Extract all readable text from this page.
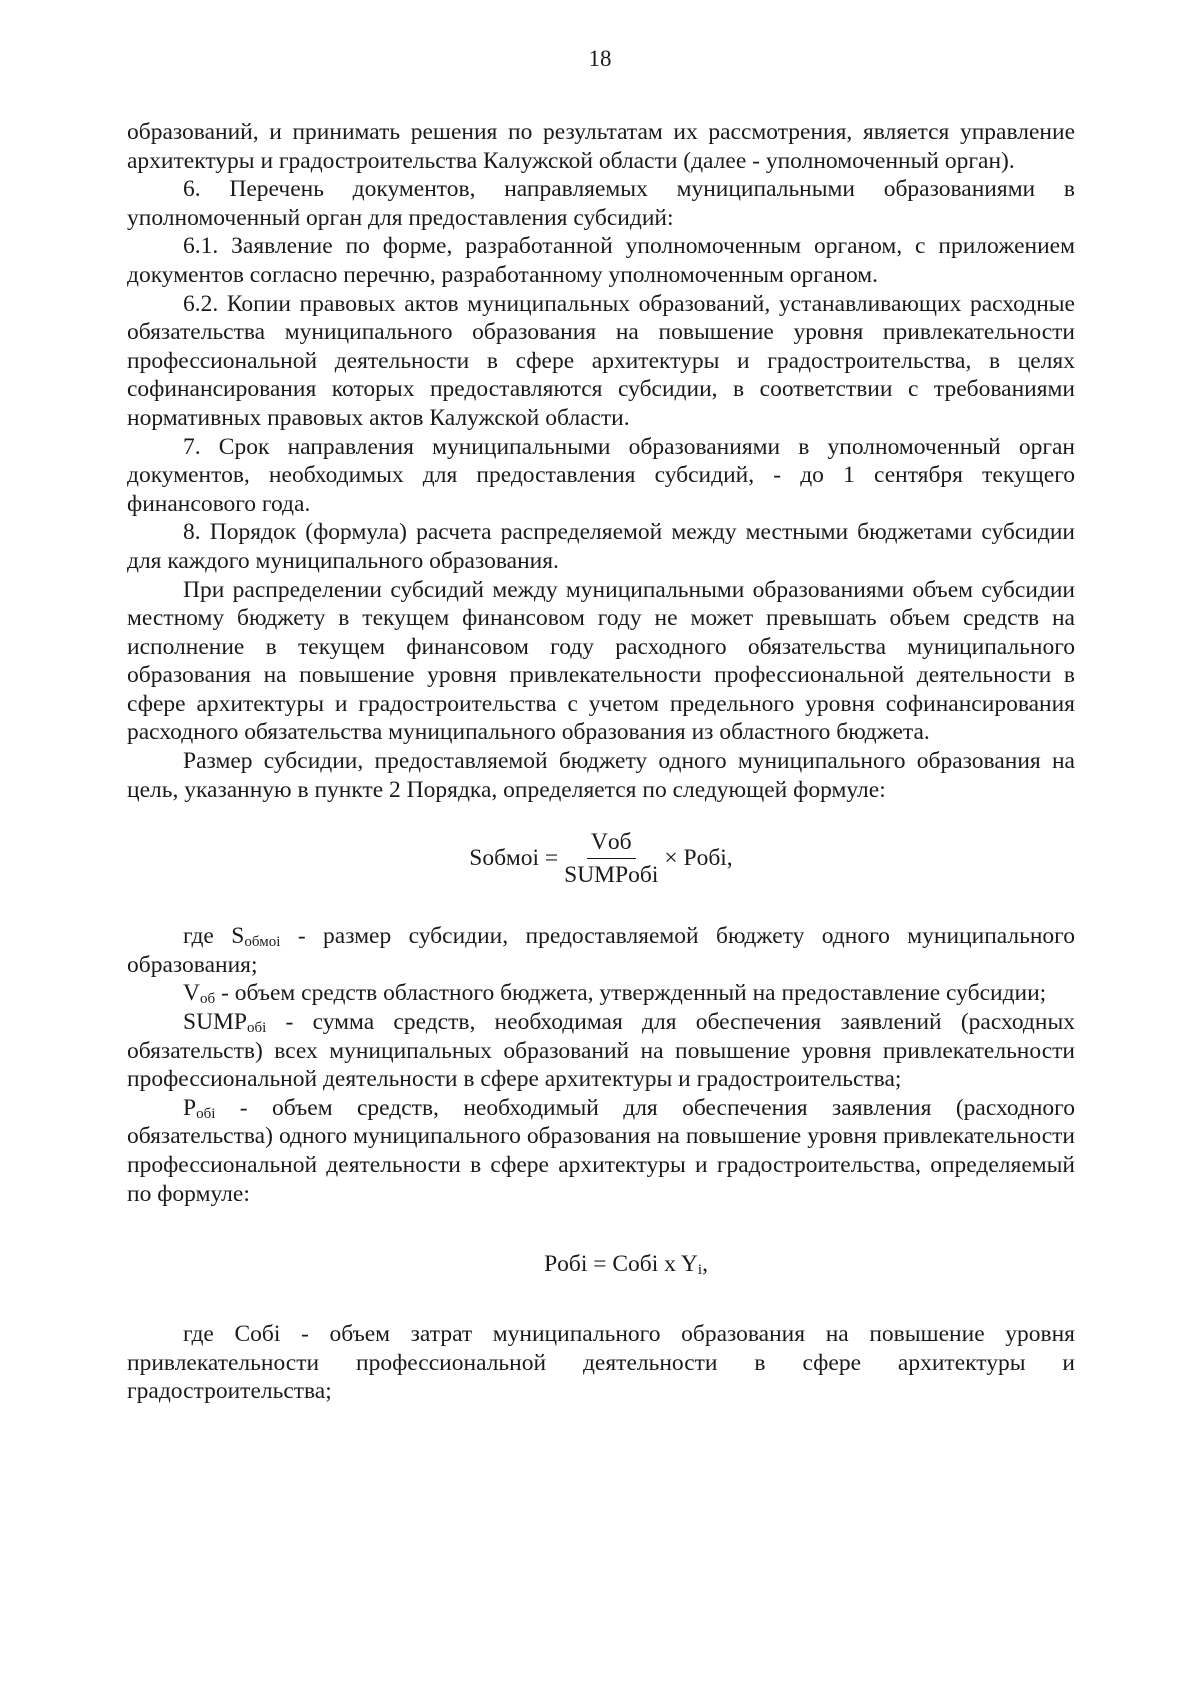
18

образований, и принимать решения по результатам их рассмотрения, является управление архитектуры и градостроительства Калужской области (далее - уполномоченный орган).

6. Перечень документов, направляемых муниципальными образованиями в уполномоченный орган для предоставления субсидий:

6.1. Заявление по форме, разработанной уполномоченным органом, с приложением документов согласно перечню, разработанному уполномоченным органом.

6.2. Копии правовых актов муниципальных образований, устанавливающих расходные обязательства муниципального образования на повышение уровня привлекательности профессиональной деятельности в сфере архитектуры и градостроительства, в целях софинансирования которых предоставляются субсидии, в соответствии с требованиями нормативных правовых актов Калужской области.

7. Срок направления муниципальными образованиями в уполномоченный орган документов, необходимых для предоставления субсидий, - до 1 сентября текущего финансового года.

8. Порядок (формула) расчета распределяемой между местными бюджетами субсидии для каждого муниципального образования.

При распределении субсидий между муниципальными образованиями объем субсидии местному бюджету в текущем финансовом году не может превышать объем средств на исполнение в текущем финансовом году расходного обязательства муниципального образования на повышение уровня привлекательности профессиональной деятельности в сфере архитектуры и градостроительства с учетом предельного уровня софинансирования расходного обязательства муниципального образования из областного бюджета.

Размер субсидии, предоставляемой бюджету одного муниципального образования на цель, указанную в пункте 2 Порядка, определяется по следующей формуле:

Sобмоi = $\frac{\text{Vоб}}{\text{SUMPобi}}$ × Pобi,

где $S_{обмоi}$ - размер субсидии, предоставляемой бюджету одного муниципального образования;

$V_{об}$ - объем средств областного бюджета, утвержденный на предоставление субсидии;

$SUMP_{обi}$ - сумма средств, необходимая для обеспечения заявлений (расходных обязательств) всех муниципальных образований на повышение уровня привлекательности профессиональной деятельности в сфере архитектуры и градостроительства;

$P_{обi}$ - объем средств, необходимый для обеспечения заявления (расходного обязательства) одного муниципального образования на повышение уровня привлекательности профессиональной деятельности в сфере архитектуры и градостроительства, определяемый по формуле:

Pобi = Cобi x $Y_i$,

где Cобi - объем затрат муниципального образования на повышение уровня привлекательности профессиональной деятельности в сфере архитектуры и градостроительства;
